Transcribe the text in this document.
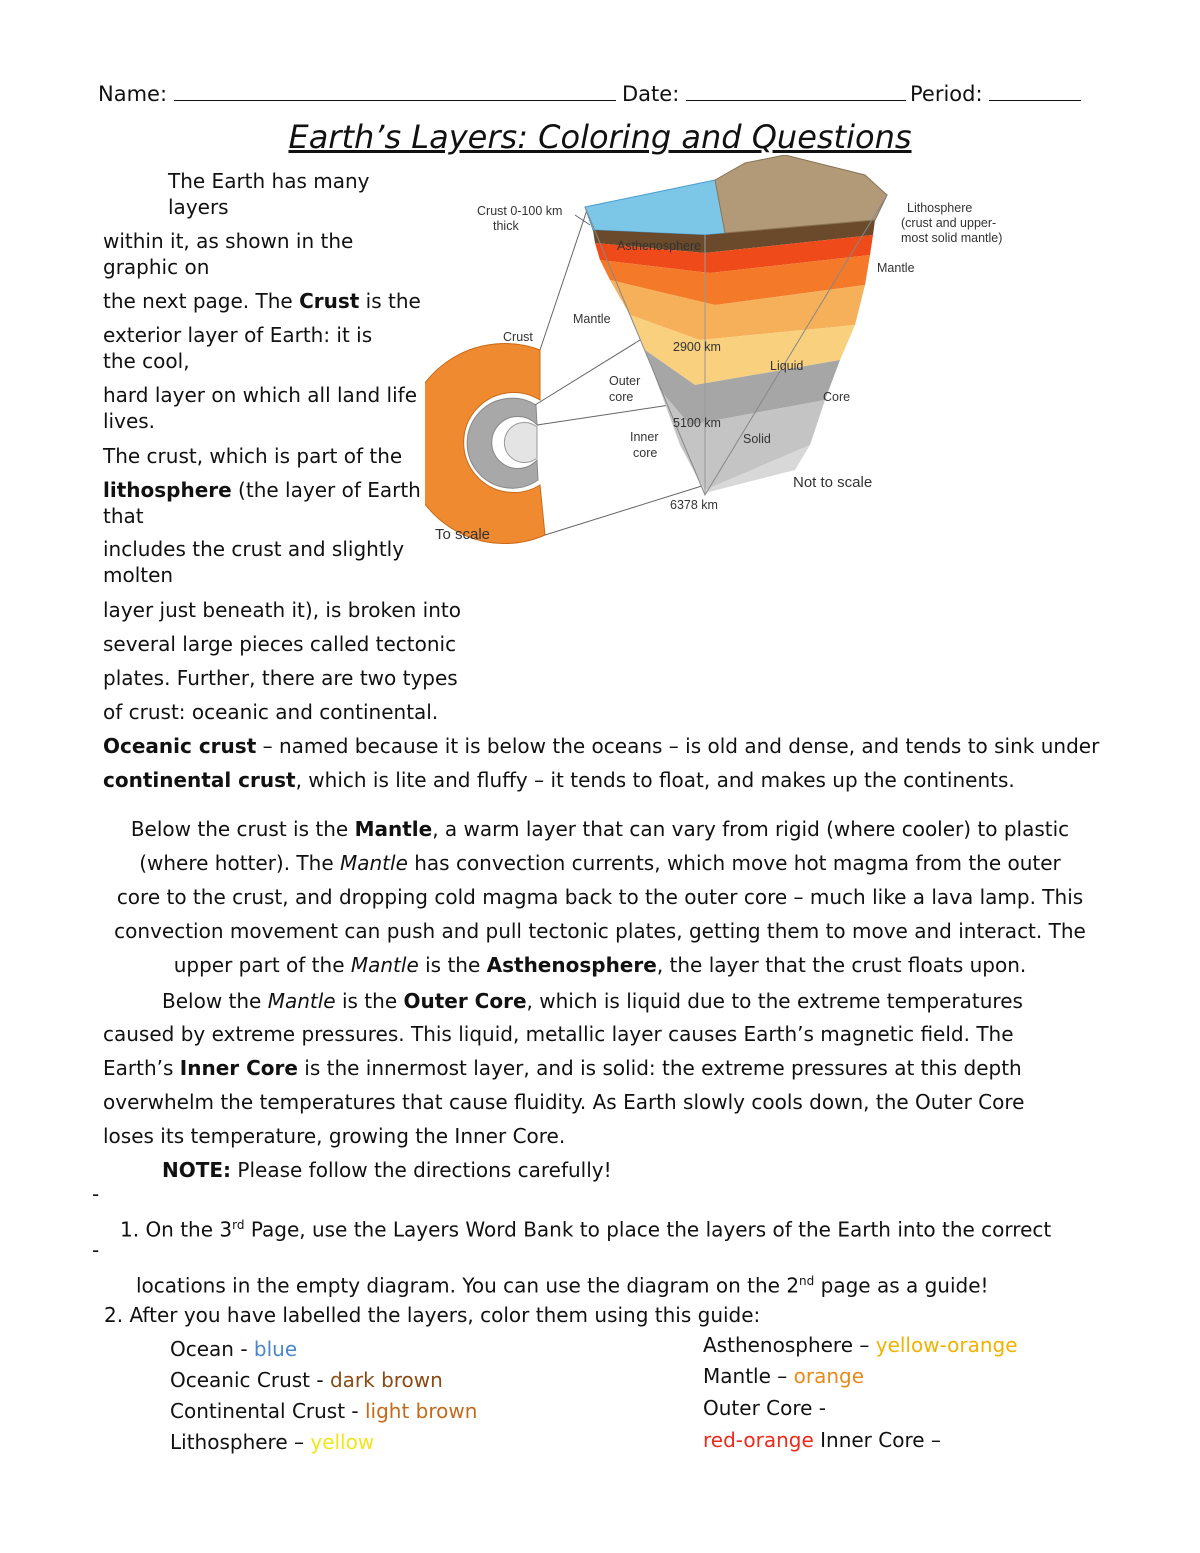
Name:	Date:	Period:
Earth’s Layers: Coloring and Questions
The Earth has many
layers
within it, as shown in the
graphic on
the next page. The Crust is the
exterior layer of Earth: it is
the cool,
hard layer on which all land life
lives.
The crust, which is part of the
lithosphere (the layer of Earth
that
includes the crust and slightly
molten
layer just beneath it), is broken into
several large pieces called tectonic
plates. Further, there are two types
of crust: oceanic and continental.
Crust 0-100 km
thick
Asthenosphere
Mantle
Crust
2900 km
Outer
core
Liquid
Core
5100 km
Inner
core
Solid
6378 km
Not to scale
To scale
Lithosphere
(crust and upper-
most solid mantle)
Mantle
Oceanic crust – named because it is below the oceans – is old and dense, and tends to sink under
continental crust, which is lite and fluffy – it tends to float, and makes up the continents.
Below the crust is the Mantle, a warm layer that can vary from rigid (where cooler) to plastic
(where hotter). The Mantle has convection currents, which move hot magma from the outer
core to the crust, and dropping cold magma back to the outer core – much like a lava lamp. This
convection movement can push and pull tectonic plates, getting them to move and interact. The
upper part of the Mantle is the Asthenosphere, the layer that the crust floats upon.
Below the Mantle is the Outer Core, which is liquid due to the extreme temperatures
caused by extreme pressures. This liquid, metallic layer causes Earth’s magnetic field. The
Earth’s Inner Core is the innermost layer, and is solid: the extreme pressures at this depth
overwhelm the temperatures that cause fluidity. As Earth slowly cools down, the Outer Core
loses its temperature, growing the Inner Core.
NOTE: Please follow the directions carefully!
-
1. On the 3rd Page, use the Layers Word Bank to place the layers of the Earth into the correct
-
locations in the empty diagram. You can use the diagram on the 2nd page as a guide!
2. After you have labelled the layers, color them using this guide:
Ocean - blue
Oceanic Crust - dark brown
Continental Crust - light brown
Lithosphere – yellow
Asthenosphere – yellow-orange
Mantle – orange
Outer Core -
red-orange Inner Core –
